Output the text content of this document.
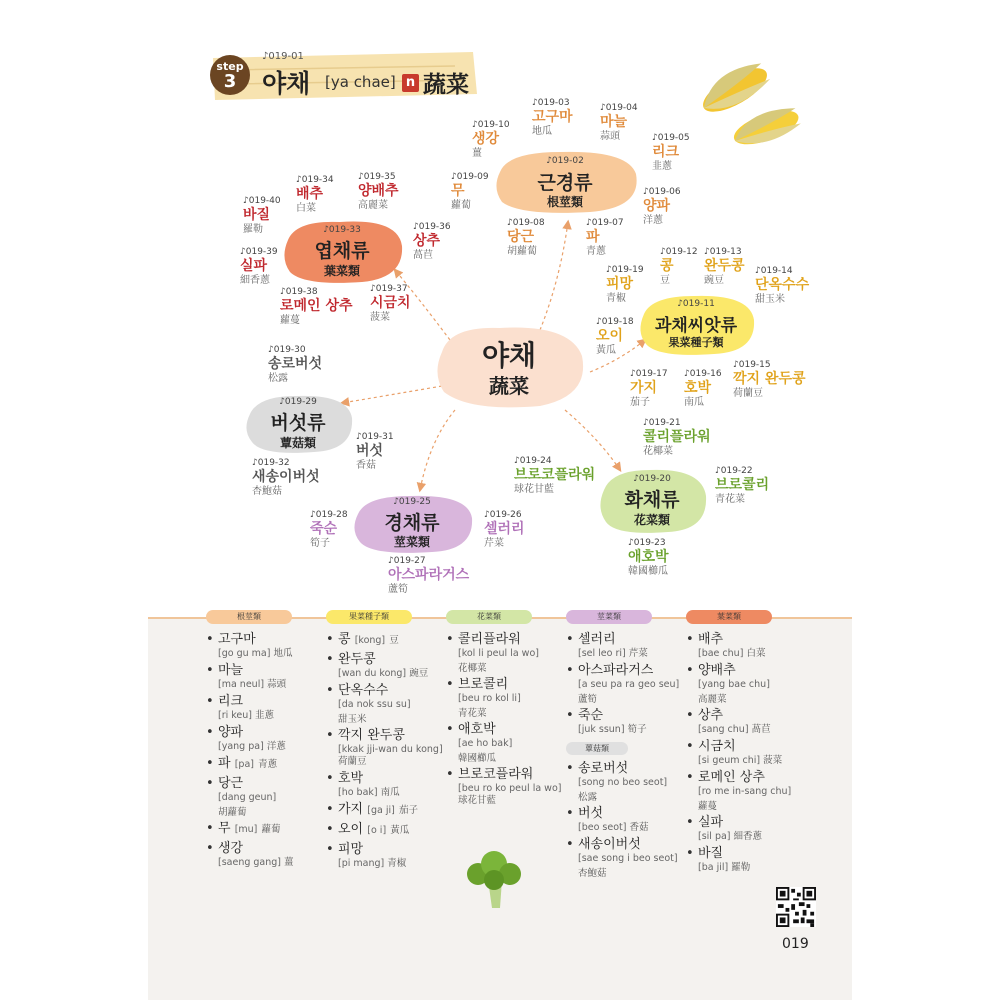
step
3
♪019-01
야채 [ya chae] n 蔬菜
야채
蔬菜
♪019-02
근경류
根莖類
♪019-33
엽채류
葉菜類
♪019-11
과채씨앗류
果菜種子類
♪019-29
버섯류
蕈菇類
♪019-25
경채류
莖菜類
♪019-20
화채류
花菜類
♪019-03
고구마
地瓜
♪019-04
마늘
蒜頭	♪019-05
리크
韭蔥
♪019-06
양파
洋蔥
♪019-07
파
青蔥
♪019-08
당근
胡蘿蔔
♪019-09
무
蘿蔔
♪019-10
생강
薑
♪019-34
배추
白菜
♪019-35
양배추
高麗菜
♪019-40
바질
羅勒
♪019-39
실파
細香蔥
♪019-38
로메인 상추
蘿蔓
♪019-37
시금치
菠菜
♪019-36
상추
萵苣	♪019-12
콩
豆
♪019-13
완두콩
豌豆
♪019-14
단옥수수
甜玉米
♪019-19
피망
青椒
♪019-18
오이
黃瓜
♪019-17
가지
茄子
♪019-16
호박
南瓜
♪019-15
깍지 완두콩
荷蘭豆
♪019-30
송로버섯
松露
♪019-31
버섯
香菇
♪019-32
새송이버섯
杏鮑菇
♪019-21
콜리플라워
花椰菜
♪019-24
브로코플라워
球花甘藍
♪019-22
브로콜리
青花菜
♪019-23
애호박
韓國櫛瓜
♪019-28
죽순
筍子
♪019-26
셀러리
芹菜
♪019-27
아스파라거스
蘆筍
根莖類
• 고구마
[go gu ma] 地瓜
• 마늘
[ma neul] 蒜頭
• 리크
[ri keu] 韭蔥
• 양파
[yang pa] 洋蔥
• 파 [pa] 青蔥
• 당근
[dang geun]
胡蘿蔔
• 무 [mu] 蘿蔔
• 생강
[saeng gang] 薑
果菜種子類
• 콩 [kong] 豆
• 완두콩
[wan du kong] 豌豆
• 단옥수수
[da nok ssu su]
甜玉米
• 깍지 완두콩
[kkak jji-wan du kong] 荷蘭豆
• 호박
[ho bak] 南瓜
• 가지 [ga ji] 茄子
• 오이 [o i] 黃瓜
• 피망
[pi mang] 青椒
花菜類
• 콜리플라워
[kol li peul la wo]
花椰菜
• 브로콜리
[beu ro kol li]
青花菜
• 애호박
[ae ho bak]
韓國櫛瓜
• 브로코플라워
[beu ro ko peul la wo] 球花甘藍
莖菜類
• 셀러리
[sel leo ri] 芹菜
• 아스파라거스
[a seu pa ra geo seu]
蘆筍
• 죽순
[juk ssun] 筍子
蕈菇類
• 송로버섯
[song no beo seot]
松露
• 버섯
[beo seot] 香菇
• 새송이버섯
[sae song i beo seot]
杏鮑菇
葉菜類
• 배추
[bae chu] 白菜
• 양배추
[yang bae chu]
高麗菜
• 상추
[sang chu] 萵苣
• 시금치
[si geum chi] 菠菜
• 로메인 상추
[ro me in-sang chu]
蘿蔓
• 실파
[sil pa] 細香蔥
• 바질
[ba jil] 羅勒
019
